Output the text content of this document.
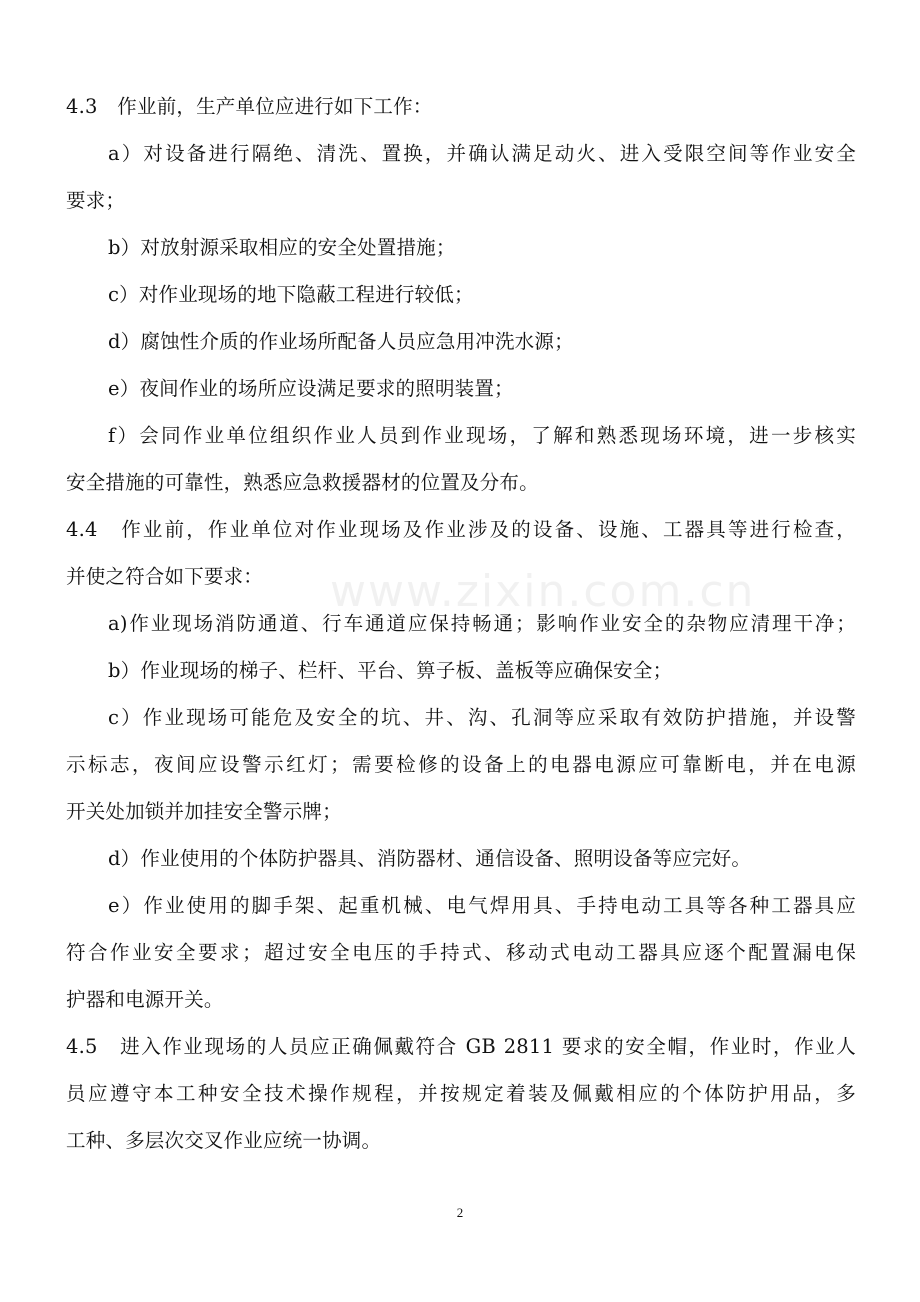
www.zixin.com.cn
4.3　作业前，生产单位应进行如下工作：
a）对设备进行隔绝、清洗、置换，并确认满足动火、进入受限空间等作业安全
要求；
b）对放射源采取相应的安全处置措施；
c）对作业现场的地下隐蔽工程进行较低；
d）腐蚀性介质的作业场所配备人员应急用冲洗水源；
e）夜间作业的场所应设满足要求的照明装置；
f）会同作业单位组织作业人员到作业现场，了解和熟悉现场环境，进一步核实
安全措施的可靠性，熟悉应急救援器材的位置及分布。
4.4　作业前，作业单位对作业现场及作业涉及的设备、设施、工器具等进行检查，
并使之符合如下要求：
a)作业现场消防通道、行车通道应保持畅通；影响作业安全的杂物应清理干净；
b）作业现场的梯子、栏杆、平台、箅子板、盖板等应确保安全；
c）作业现场可能危及安全的坑、井、沟、孔洞等应采取有效防护措施，并设警
示标志，夜间应设警示红灯；需要检修的设备上的电器电源应可靠断电，并在电源
开关处加锁并加挂安全警示牌；
d）作业使用的个体防护器具、消防器材、通信设备、照明设备等应完好。
e）作业使用的脚手架、起重机械、电气焊用具、手持电动工具等各种工器具应
符合作业安全要求；超过安全电压的手持式、移动式电动工器具应逐个配置漏电保
护器和电源开关。
4.5　进入作业现场的人员应正确佩戴符合 GB 2811 要求的安全帽，作业时，作业人
员应遵守本工种安全技术操作规程，并按规定着装及佩戴相应的个体防护用品，多
工种、多层次交叉作业应统一协调。
2
